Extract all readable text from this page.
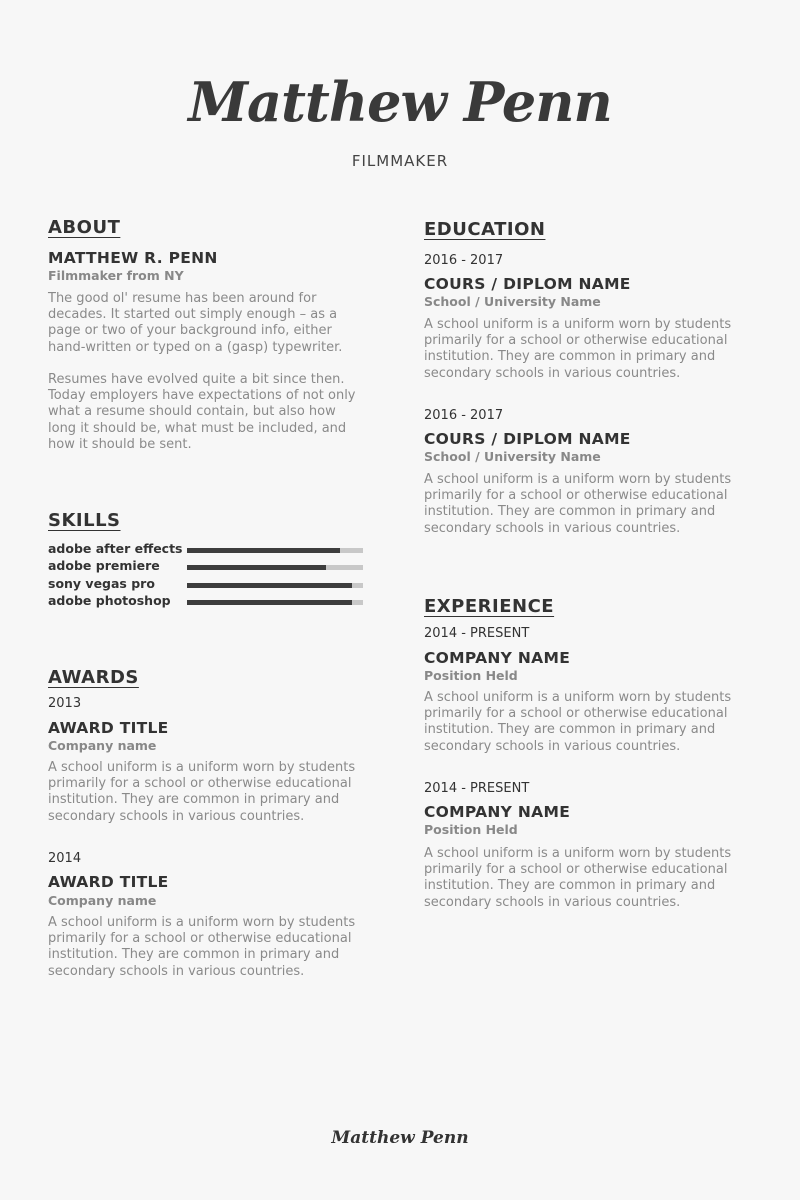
Matthew Penn
FILMMAKER
ABOUT
MATTHEW R. PENN
Filmmaker from NY

The good ol' resume has been around for decades. It started out simply enough – as a page or two of your background info, either hand-written or typed on a (gasp) typewriter.

Resumes have evolved quite a bit since then. Today employers have expectations of not only what a resume should contain, but also how long it should be, what must be included, and how it should be sent.

SKILLS
adobe after effects
adobe premiere
sony vegas pro
adobe photoshop
AWARDS
2013
AWARD TITLE
Company name

A school uniform is a uniform worn by students primarily for a school or otherwise educational institution. They are common in primary and secondary schools in various countries.

2014
AWARD TITLE
Company name

A school uniform is a uniform worn by students primarily for a school or otherwise educational institution. They are common in primary and secondary schools in various countries.

EDUCATION
2016 - 2017
COURS / DIPLOM NAME
School / University Name

A school uniform is a uniform worn by students primarily for a school or otherwise educational institution. They are common in primary and secondary schools in various countries.

2016 - 2017
COURS / DIPLOM NAME
School / University Name

A school uniform is a uniform worn by students primarily for a school or otherwise educational institution. They are common in primary and secondary schools in various countries.

EXPERIENCE
2014 - PRESENT
COMPANY NAME
Position Held

A school uniform is a uniform worn by students primarily for a school or otherwise educational institution. They are common in primary and secondary schools in various countries.

2014 - PRESENT
COMPANY NAME
Position Held

A school uniform is a uniform worn by students primarily for a school or otherwise educational institution. They are common in primary and secondary schools in various countries.

Matthew Penn
